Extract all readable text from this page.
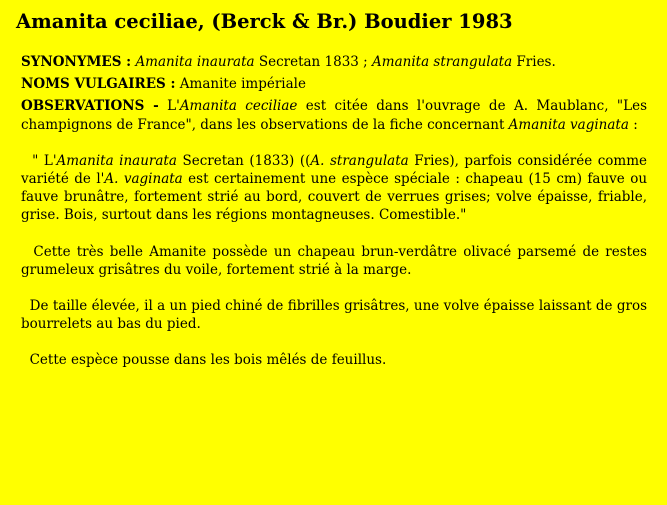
Amanita ceciliae, (Berck & Br.) Boudier 1983

SYNONYMES : Amanita inaurata Secretan 1833 ; Amanita strangulata Fries.

NOMS VULGAIRES : Amanite impériale

OBSERVATIONS - L'Amanita ceciliae est citée dans l'ouvrage de A. Maublanc, "Les champignons de France", dans les observations de la fiche concernant Amanita vaginata :

" L'Amanita inaurata Secretan (1833) ((A. strangulata Fries), parfois considérée comme variété de l'A. vaginata est certainement une espèce spéciale : chapeau (15 cm) fauve ou fauve brunâtre, fortement strié au bord, couvert de verrues grises; volve épaisse, friable, grise. Bois, surtout dans les régions montagneuses. Comestible."

Cette très belle Amanite possède un chapeau brun-verdâtre olivacé parsemé de restes grumeleux grisâtres du voile, fortement strié à la marge.

De taille élevée, il a un pied chiné de fibrilles grisâtres, une volve épaisse laissant de gros bourrelets au bas du pied.

Cette espèce pousse dans les bois mêlés de feuillus.
